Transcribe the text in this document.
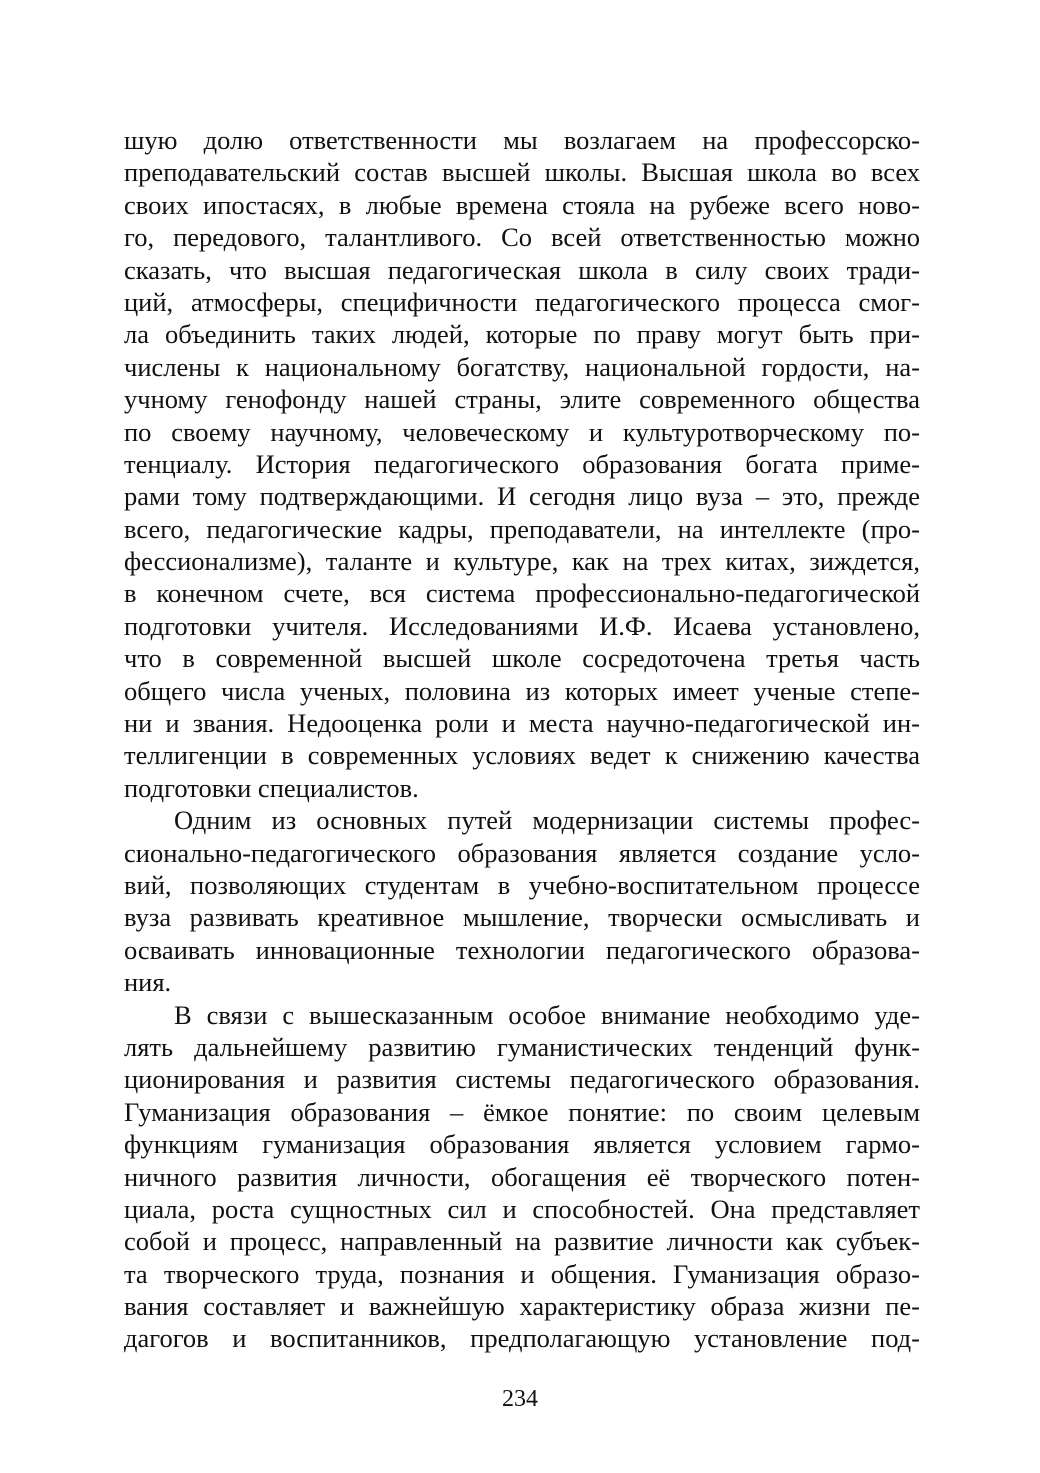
шую долю ответственности мы возлагаем на профессорско-
преподавательский состав высшей школы. Высшая школа во всех
своих ипостасях, в любые времена стояла на рубеже всего ново-
го, передового, талантливого. Со всей ответственностью можно
сказать, что высшая педагогическая школа в силу своих тради-
ций, атмосферы, специфичности педагогического процесса смог-
ла объединить таких людей, которые по праву могут быть при-
числены к национальному богатству, национальной гордости, на-
учному генофонду нашей страны, элите современного общества
по своему научному, человеческому и культуротворческому по-
тенциалу. История педагогического образования богата приме-
рами тому подтверждающими. И сегодня лицо вуза – это, прежде
всего, педагогические кадры, преподаватели, на интеллекте (про-
фессионализме), таланте и культуре, как на трех китах, зиждется,
в конечном счете, вся система профессионально-педагогической
подготовки учителя. Исследованиями И.Ф. Исаева установлено,
что в современной высшей школе сосредоточена третья часть
общего числа ученых, половина из которых имеет ученые степе-
ни и звания. Недооценка роли и места научно-педагогической ин-
теллигенции в современных условиях ведет к снижению качества
подготовки специалистов.
Одним из основных путей модернизации системы профес-
сионально-педагогического образования является создание усло-
вий, позволяющих студентам в учебно-воспитательном процессе
вуза развивать креативное мышление, творчески осмысливать и
осваивать инновационные технологии педагогического образова-
ния.
В связи с вышесказанным особое внимание необходимо уде-
лять дальнейшему развитию гуманистических тенденций функ-
ционирования и развития системы педагогического образования.
Гуманизация образования – ёмкое понятие: по своим целевым
функциям гуманизация образования является условием гармо-
ничного развития личности, обогащения её творческого потен-
циала, роста сущностных сил и способностей. Она представляет
собой и процесс, направленный на развитие личности как субъек-
та творческого труда, познания и общения. Гуманизация образо-
вания составляет и важнейшую характеристику образа жизни пе-
дагогов и воспитанников, предполагающую установление под-
234
